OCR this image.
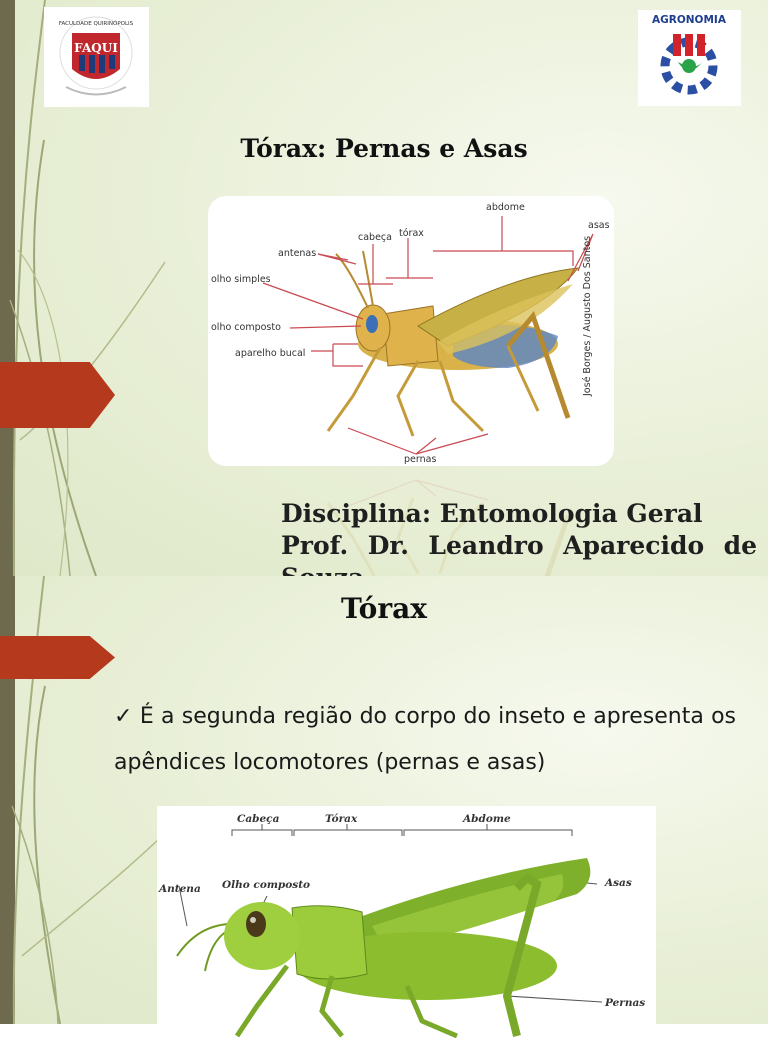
FAQUI
FACULDADE QUIRINÓPOLIS	AGRONOMIA
Tórax: Pernas e Asas
antenas
olho simples
olho composto
aparelho bucal
cabeça tórax
abdome
asas
pernas
José Borges / Augusto Dos Santos
Disciplina: Entomologia Geral
Prof. Dr. Leandro Aparecido de
Tórax
✓ É a segunda região do corpo do inseto e apresenta os apêndices locomotores (pernas e asas)
Cabeça	Tórax	Abdome
Antena Olho composto	Asas
Pernas
